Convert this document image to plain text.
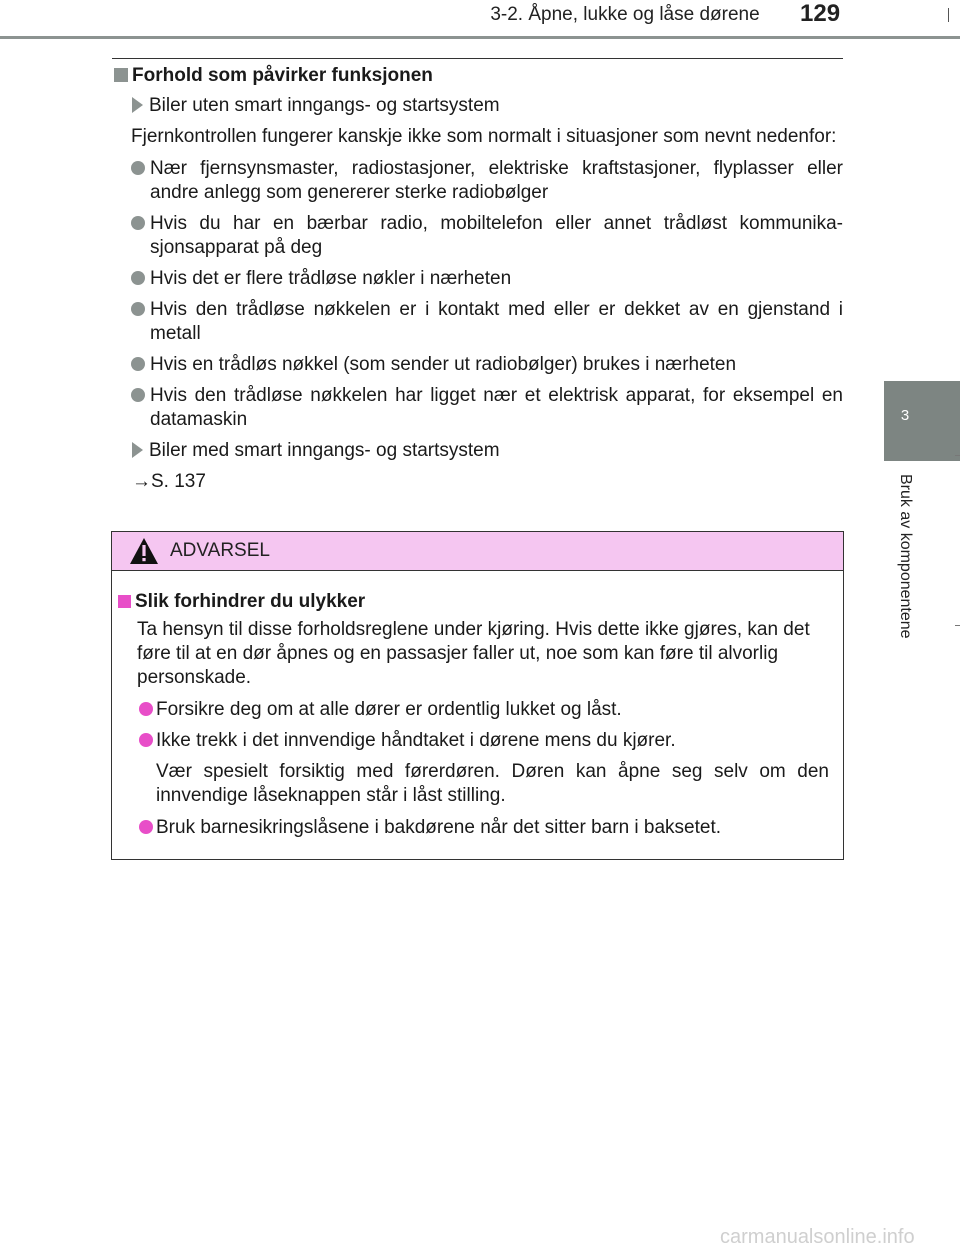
3-2. Åpne, lukke og låse dørene	129
3
Bruk av komponentene

Forhold som påvirker funksjonen

Biler uten smart inngangs- og startsystem

Fjernkontrollen fungerer kanskje ikke som normalt i situasjoner som nevnt nedenfor:

Nær fjernsynsmaster, radiostasjoner, elektriske kraftstasjoner, flyplasser eller andre anlegg som genererer sterke radiobølger
Hvis du har en bærbar radio, mobiltelefon eller annet trådløst kommunika-sjonsapparat på deg
Hvis det er flere trådløse nøkler i nærheten
Hvis den trådløse nøkkelen er i kontakt med eller er dekket av en gjenstand i metall
Hvis en trådløs nøkkel (som sender ut radiobølger) brukes i nærheten
Hvis den trådløse nøkkelen har ligget nær et elektrisk apparat, for eksempel en datamaskin

Biler med smart inngangs- og startsystem

→S. 137

ADVARSEL

Slik forhindrer du ulykker

Ta hensyn til disse forholdsreglene under kjøring. Hvis dette ikke gjøres, kan det føre til at en dør åpnes og en passasjer faller ut, noe som kan føre til alvorlig personskade.

Forsikre deg om at alle dører er ordentlig lukket og låst.
Ikke trekk i det innvendige håndtaket i dørene mens du kjører.

Vær spesielt forsiktig med førerdøren. Døren kan åpne seg selv om den innvendige låseknappen står i låst stilling.

Bruk barnesikringslåsene i bakdørene når det sitter barn i baksetet.
carmanualsonline.info
